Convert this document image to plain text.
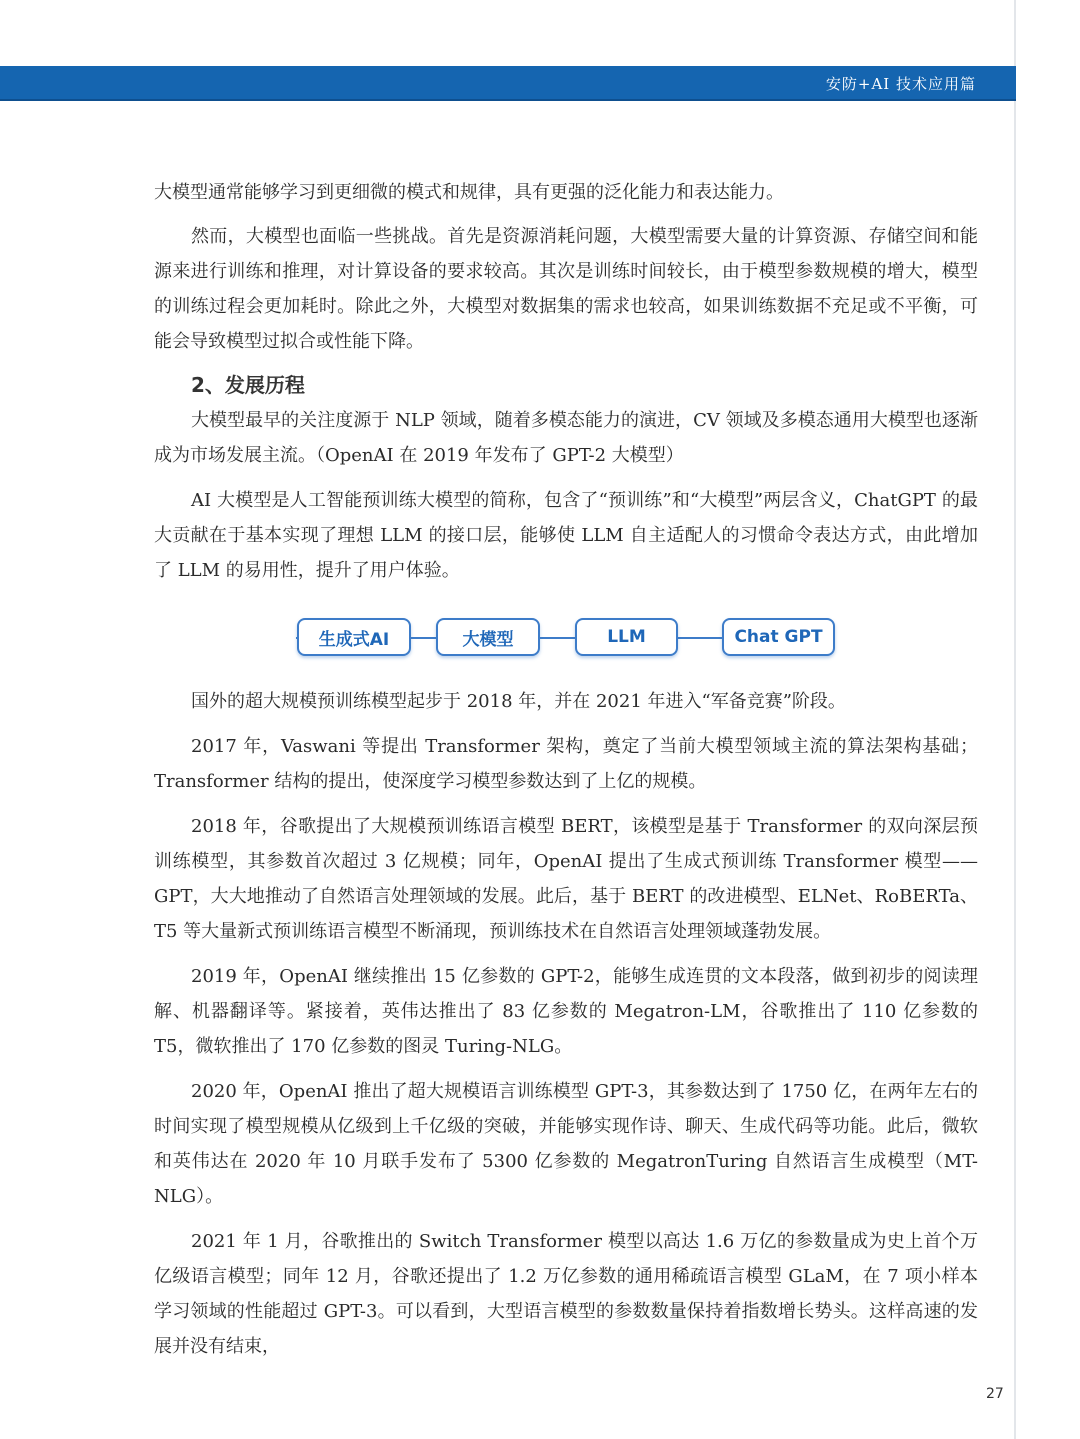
安防+AI 技术应用篇

大模型通常能够学习到更细微的模式和规律，具有更强的泛化能力和表达能力。

然而，大模型也面临一些挑战。首先是资源消耗问题，大模型需要大量的计算资源、存储空间和能源来进行训练和推理，对计算设备的要求较高。其次是训练时间较长，由于模型参数规模的增大，模型的训练过程会更加耗时。除此之外，大模型对数据集的需求也较高，如果训练数据不充足或不平衡，可能会导致模型过拟合或性能下降。

2、发展历程

大模型最早的关注度源于 NLP 领域，随着多模态能力的演进，CV 领域及多模态通用大模型也逐渐成为市场发展主流。（OpenAI 在 2019 年发布了 GPT-2 大模型）

AI 大模型是人工智能预训练大模型的简称，包含了“预训练”和“大模型”两层含义，ChatGPT 的最大贡献在于基本实现了理想 LLM 的接口层，能够使 LLM 自主适配人的习惯命令表达方式，由此增加了 LLM 的易用性，提升了用户体验。

生成式AI	大模型	LLM	Chat GPT

国外的超大规模预训练模型起步于 2018 年，并在 2021 年进入“军备竞赛”阶段。

2017 年，Vaswani 等提出 Transformer 架构，奠定了当前大模型领域主流的算法架构基础；Transformer 结构的提出，使深度学习模型参数达到了上亿的规模。

2018 年，谷歌提出了大规模预训练语言模型 BERT，该模型是基于 Transformer 的双向深层预训练模型，其参数首次超过 3 亿规模；同年，OpenAI 提出了生成式预训练 Transformer 模型——GPT，大大地推动了自然语言处理领域的发展。此后，基于 BERT 的改进模型、ELNet、RoBERTa、T5 等大量新式预训练语言模型不断涌现，预训练技术在自然语言处理领域蓬勃发展。

2019 年，OpenAI 继续推出 15 亿参数的 GPT-2，能够生成连贯的文本段落，做到初步的阅读理解、机器翻译等。紧接着，英伟达推出了 83 亿参数的 Megatron-LM，谷歌推出了 110 亿参数的 T5，微软推出了 170 亿参数的图灵 Turing-NLG。

2020 年，OpenAI 推出了超大规模语言训练模型 GPT-3，其参数达到了 1750 亿，在两年左右的时间实现了模型规模从亿级到上千亿级的突破，并能够实现作诗、聊天、生成代码等功能。此后，微软和英伟达在 2020 年 10 月联手发布了 5300 亿参数的 MegatronTuring 自然语言生成模型（MT-NLG）。

2021 年 1 月，谷歌推出的 Switch Transformer 模型以高达 1.6 万亿的参数量成为史上首个万亿级语言模型；同年 12 月，谷歌还提出了 1.2 万亿参数的通用稀疏语言模型 GLaM，在 7 项小样本学习领域的性能超过 GPT-3。可以看到，大型语言模型的参数数量保持着指数增长势头。这样高速的发展并没有结束，

27
